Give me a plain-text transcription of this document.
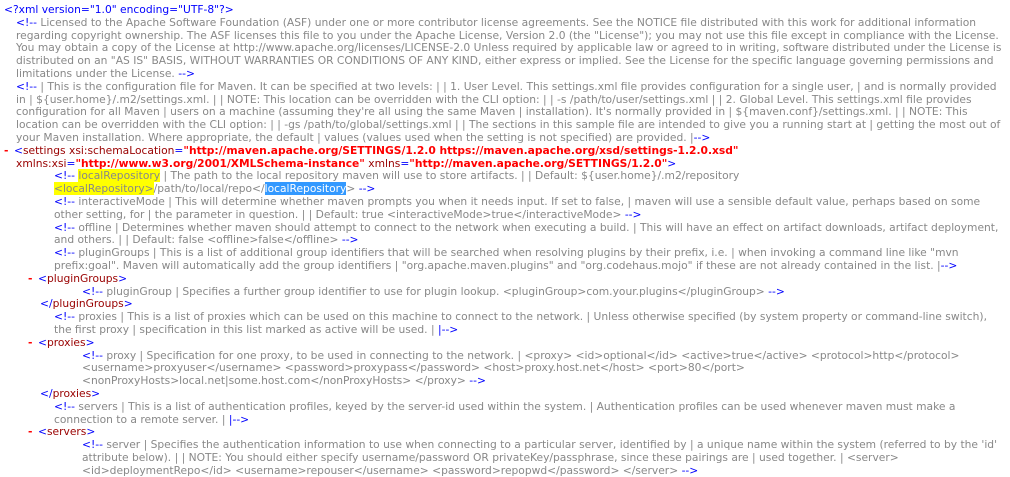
<?xml version="1.0" encoding="UTF-8"?>
<!-- Licensed to the Apache Software Foundation (ASF) under one or more contributor license agreements. See the NOTICE file distributed with this work for additional information regarding copyright ownership. The ASF licenses this file to you under the Apache License, Version 2.0 (the "License"); you may not use this file except in compliance with the License. You may obtain a copy of the License at http://www.apache.org/licenses/LICENSE-2.0 Unless required by applicable law or agreed to in writing, software distributed under the License is distributed on an "AS IS" BASIS, WITHOUT WARRANTIES OR CONDITIONS OF ANY KIND, either express or implied. See the License for the specific language governing permissions and limitations under the License. -->
<!-- | This is the configuration file for Maven. It can be specified at two levels: | | 1. User Level. This settings.xml file provides configuration for a single user, | and is normally provided in | ${user.home}/.m2/settings.xml. | | NOTE: This location can be overridden with the CLI option: | | -s /path/to/user/settings.xml | | 2. Global Level. This settings.xml file provides configuration for all Maven | users on a machine (assuming they're all using the same Maven | installation). It's normally provided in | ${maven.conf}/settings.xml. | | NOTE: This location can be overridden with the CLI option: | | -gs /path/to/global/settings.xml | | The sections in this sample file are intended to give you a running start at | getting the most out of your Maven installation. Where appropriate, the default | values (values used when the setting is not specified) are provided. |-->
- <settings xsi:schemaLocation="http://maven.apache.org/SETTINGS/1.2.0 https://maven.apache.org/xsd/settings-1.2.0.xsd"
xmlns:xsi="http://www.w3.org/2001/XMLSchema-instance" xmlns="http://maven.apache.org/SETTINGS/1.2.0">
<!-- localRepository | The path to the local repository maven will use to store artifacts. | | Default: ${user.home}/.m2/repository <localRepository>/path/to/local/repo</localRepository> -->
<!-- interactiveMode | This will determine whether maven prompts you when it needs input. If set to false, | maven will use a sensible default value, perhaps based on some other setting, for | the parameter in question. | | Default: true <interactiveMode>true</interactiveMode> -->
<!-- offline | Determines whether maven should attempt to connect to the network when executing a build. | This will have an effect on artifact downloads, artifact deployment, and others. | | Default: false <offline>false</offline> -->
<!-- pluginGroups | This is a list of additional group identifiers that will be searched when resolving plugins by their prefix, i.e. | when invoking a command line like "mvn prefix:goal". Maven will automatically add the group identifiers | "org.apache.maven.plugins" and "org.codehaus.mojo" if these are not already contained in the list. |-->
- <pluginGroups>
<!-- pluginGroup | Specifies a further group identifier to use for plugin lookup. <pluginGroup>com.your.plugins</pluginGroup> -->
</pluginGroups>
<!-- proxies | This is a list of proxies which can be used on this machine to connect to the network. | Unless otherwise specified (by system property or command-line switch), the first proxy | specification in this list marked as active will be used. | |-->
- <proxies>
<!-- proxy | Specification for one proxy, to be used in connecting to the network. | <proxy> <id>optional</id> <active>true</active> <protocol>http</protocol> <username>proxyuser</username> <password>proxypass</password> <host>proxy.host.net</host> <port>80</port> <nonProxyHosts>local.net|some.host.com</nonProxyHosts> </proxy> -->
</proxies>
<!-- servers | This is a list of authentication profiles, keyed by the server-id used within the system. | Authentication profiles can be used whenever maven must make a connection to a remote server. | |-->
- <servers>
<!-- server | Specifies the authentication information to use when connecting to a particular server, identified by | a unique name within the system (referred to by the 'id' attribute below). | | NOTE: You should either specify username/password OR privateKey/passphrase, since these pairings are | used together. | <server> <id>deploymentRepo</id> <username>repouser</username> <password>repopwd</password> </server> -->
